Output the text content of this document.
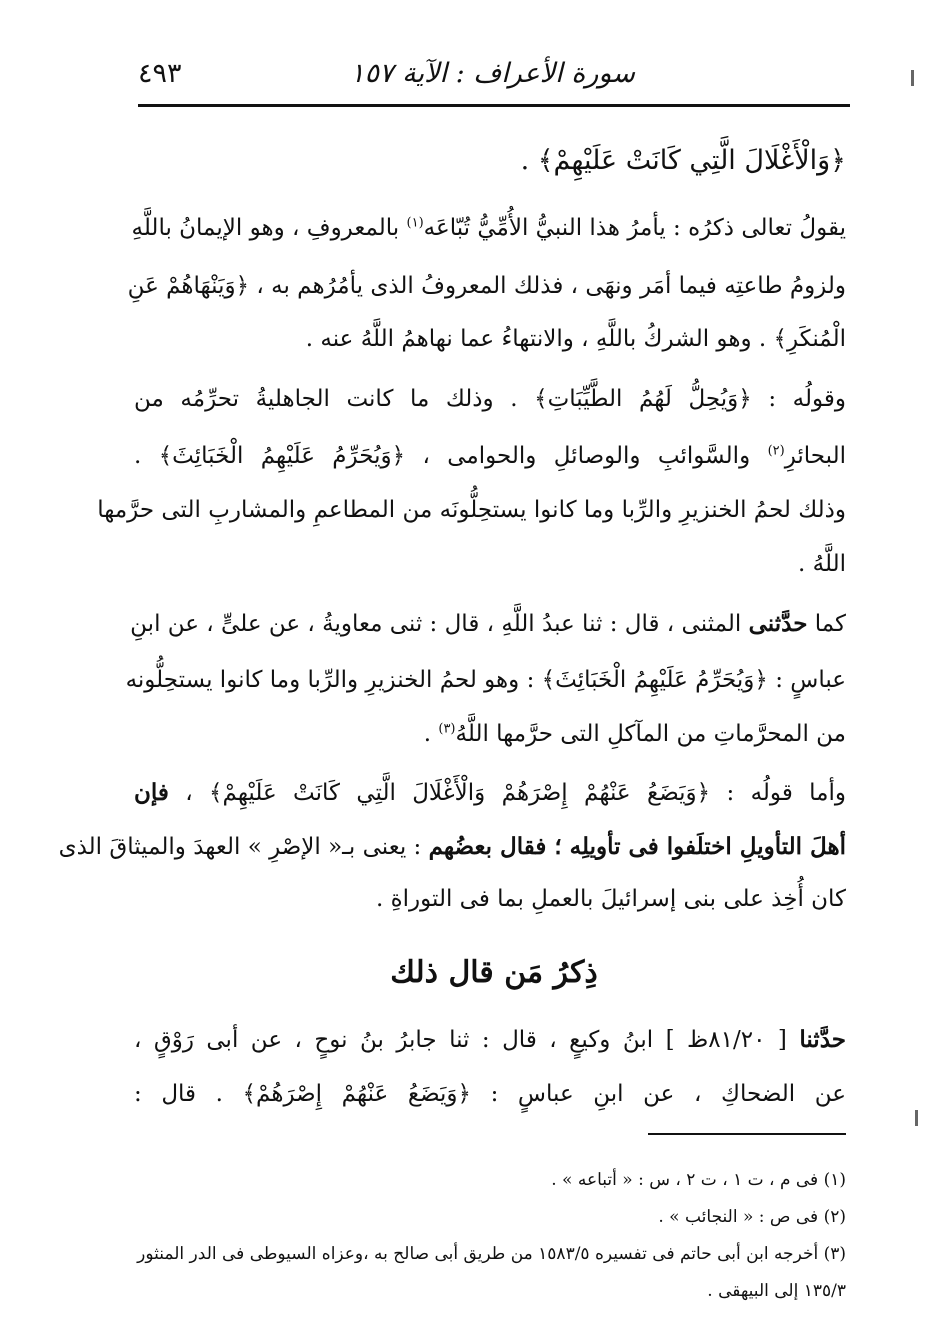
سورة الأعراف : الآية ١٥٧
٤٩٣
﴿وَالْأَغْلَالَ الَّتِي كَانَتْ عَلَيْهِمْ﴾ .
يقولُ تعالى ذكرُه : يأمرُ هذا النبيُّ الأُمِّيُّ تُبّاعَه$^{(١)}$ بالمعروفِ ، وهو الإيمانُ باللَّهِ
ولزومُ طاعتِه فيما أمَر ونهَى ، فذلك المعروفُ الذى يأمُرُهم به ، ﴿وَيَنْهَاهُمْ عَنِ
الْمُنكَرِ﴾ . وهو الشركُ باللَّهِ ، والانتهاءُ عما نهاهمُ اللَّهُ عنه .
وقولُه : ﴿وَيُحِلُّ لَهُمُ الطَّيِّبَاتِ﴾ . وذلك ما كانت الجاهليةُ تحرِّمُه من
البحائرِ$^{(٢)}$ والسَّوائبِ والوصائلِ والحوامى ، ﴿وَيُحَرِّمُ عَلَيْهِمُ الْخَبَائِثَ﴾ .
وذلك لحمُ الخنزيرِ والرِّبا وما كانوا يستحِلُّونَه من المطاعمِ والمشاربِ التى حرَّمها
اللَّهُ .
كما حدَّثنى المثنى ، قال : ثنا عبدُ اللَّهِ ، قال : ثنى معاويةُ ، عن علىٍّ ، عن ابنِ
عباسٍ : ﴿وَيُحَرِّمُ عَلَيْهِمُ الْخَبَائِثَ﴾ : وهو لحمُ الخنزيرِ والرِّبا وما كانوا يستحِلُّونه
من المحرَّماتِ من المآكلِ التى حرَّمها اللَّهُ$^{(٣)}$ .
وأما قولُه : ﴿وَيَضَعُ عَنْهُمْ إِصْرَهُمْ وَالْأَغْلَالَ الَّتِي كَانَتْ عَلَيْهِمْ﴾ ، فإن
أهلَ التأويلِ اختلَفوا فى تأويلِه ؛ فقال بعضُهم : يعنى بـ« الإصْرِ » العهدَ والميثاقَ الذى
كان أُخِذ على بنى إسرائيلَ بالعملِ بما فى التوراةِ .
ذِكرُ مَن قال ذلك
حدَّثنا [ ٨١/٢٠ظ ] ابنُ وكيعٍ ، قال : ثنا جابرُ بنُ نوحٍ ، عن أبى رَوْقٍ ،
عن الضحاكِ ، عن ابنِ عباسٍ : ﴿وَيَضَعُ عَنْهُمْ إِصْرَهُمْ﴾ . قال :
(١) فى م ، ت ١ ، ت ٢ ، س : « أتباعه » .
(٢) فى ص : « النجائب » .
(٣) أخرجه ابن أبى حاتم فى تفسيره ١٥٨٣/٥ من طريق أبى صالح به ،وعزاه السيوطى فى الدر المنثور
١٣٥/٣ إلى البيهقى .
